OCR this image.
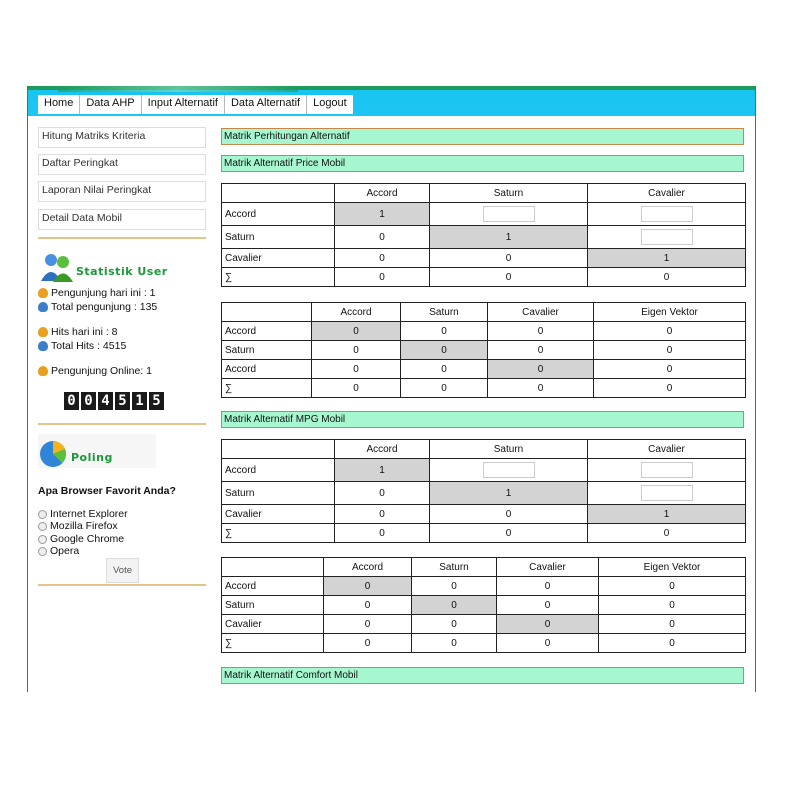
Home	Data AHP	Input Alternatif	Data Alternatif	Logout
Hitung Matriks Kriteria
Daftar Peringkat
Laporan Nilai Peringkat
Detail Data Mobil
Statistik User
Pengunjung hari ini : 1
Total pengunjung : 135
Hits hari ini : 8
Total Hits : 4515
Pengunjung Online: 1
0 0 4 5 1 5
Poling
Apa Browser Favorit Anda?
Internet Explorer
Mozilla Firefox
Google Chrome
Opera
Vote
Matrik Perhitungan Alternatif
Matrik Alternatif Price Mobil
	Accord	Saturn	Cavalier
Accord	1		
Saturn	0	1	
Cavalier	0	0	1
∑	0	0	0
	Accord	Saturn	Cavalier	Eigen Vektor
Accord	0	0	0	0
Saturn	0	0	0	0
Accord	0	0	0	0
∑	0	0	0	0
Matrik Alternatif MPG Mobil
	Accord	Saturn	Cavalier
Accord	1		
Saturn	0	1	
Cavalier	0	0	1
∑	0	0	0
	Accord	Saturn	Cavalier	Eigen Vektor
Accord	0	0	0	0
Saturn	0	0	0	0
Cavalier	0	0	0	0
∑	0	0	0	0
Matrik Alternatif Comfort Mobil
